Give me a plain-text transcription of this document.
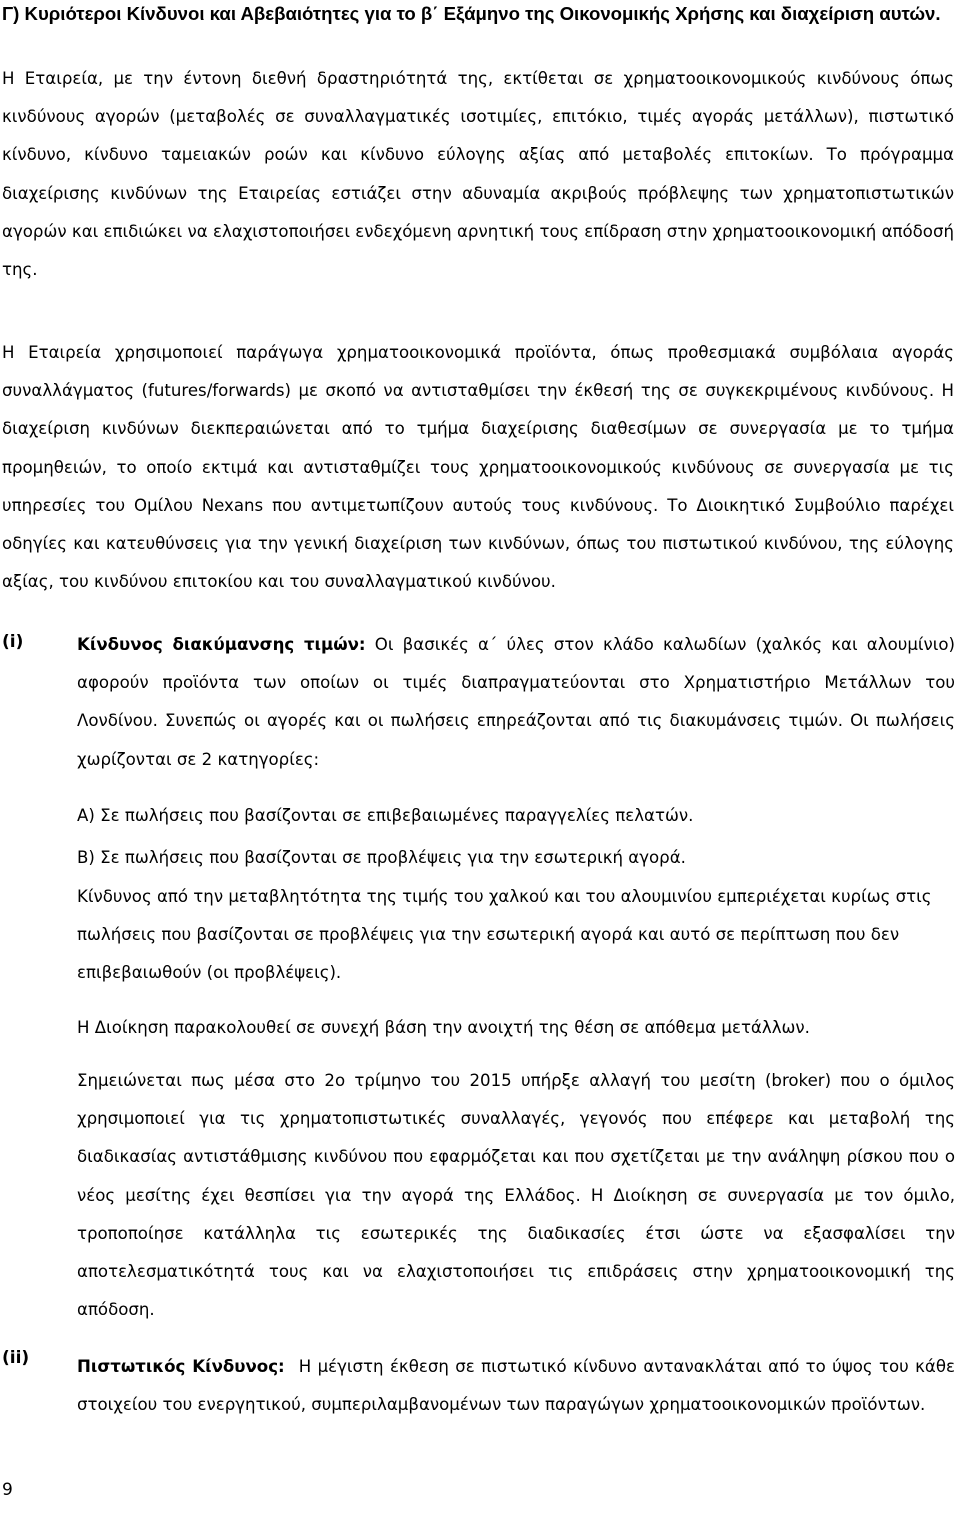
Γ) Κυριότεροι Κίνδυνοι και Αβεβαιότητες για το β΄ Εξάμηνο της Οικονομικής Χρήσης και διαχείριση αυτών.

Η Εταιρεία, με την έντονη διεθνή δραστηριότητά της, εκτίθεται σε χρηματοοικονομικούς κινδύνους όπως κινδύνους αγορών (μεταβολές σε συναλλαγματικές ισοτιμίες, επιτόκιο, τιμές αγοράς μετάλλων), πιστωτικό κίνδυνο, κίνδυνο ταμειακών ροών και κίνδυνο εύλογης αξίας από μεταβολές επιτοκίων. Το πρόγραμμα διαχείρισης κινδύνων της Εταιρείας εστιάζει στην αδυναμία ακριβούς πρόβλεψης των χρηματοπιστωτικών αγορών και επιδιώκει να ελαχιστοποιήσει ενδεχόμενη αρνητική τους επίδραση στην χρηματοοικονομική απόδοσή της.

Η Εταιρεία χρησιμοποιεί παράγωγα χρηματοοικονομικά προϊόντα, όπως προθεσμιακά συμβόλαια αγοράς συναλλάγματος (futures/forwards) με σκοπό να αντισταθμίσει την έκθεσή της σε συγκεκριμένους κινδύνους. Η διαχείριση κινδύνων διεκπεραιώνεται από το τμήμα διαχείρισης διαθεσίμων σε συνεργασία με το τμήμα προμηθειών, το οποίο εκτιμά και αντισταθμίζει τους χρηματοοικονομικούς κινδύνους σε συνεργασία με τις υπηρεσίες του Ομίλου Nexans που αντιμετωπίζουν αυτούς τους κινδύνους. Το Διοικητικό Συμβούλιο παρέχει οδηγίες και κατευθύνσεις για την γενική διαχείριση των κινδύνων, όπως του πιστωτικού κινδύνου, της εύλογης αξίας, του κινδύνου επιτοκίου και του συναλλαγματικού κινδύνου.

(i)	Κίνδυνος διακύμανσης τιμών: Οι βασικές α΄ ύλες στον κλάδο καλωδίων (χαλκός και αλουμίνιο) αφορούν προϊόντα των οποίων οι τιμές διαπραγματεύονται στο Χρηματιστήριο Μετάλλων του Λονδίνου. Συνεπώς οι αγορές και οι πωλήσεις επηρεάζονται από τις διακυμάνσεις τιμών. Οι πωλήσεις χωρίζονται σε 2 κατηγορίες:

Α) Σε πωλήσεις που βασίζονται σε επιβεβαιωμένες παραγγελίες πελατών.

Β) Σε πωλήσεις που βασίζονται σε προβλέψεις για την εσωτερική αγορά.

Κίνδυνος από την μεταβλητότητα της τιμής του χαλκού και του αλουμινίου εμπεριέχεται κυρίως στις πωλήσεις που βασίζονται σε προβλέψεις για την εσωτερική αγορά και αυτό σε περίπτωση που δεν επιβεβαιωθούν (οι προβλέψεις).

Η Διοίκηση παρακολουθεί σε συνεχή βάση την ανοιχτή της θέση σε απόθεμα μετάλλων.

Σημειώνεται πως μέσα στο 2ο τρίμηνο του 2015 υπήρξε αλλαγή του μεσίτη (broker) που ο όμιλος χρησιμοποιεί για τις χρηματοπιστωτικές συναλλαγές, γεγονός που επέφερε και μεταβολή της διαδικασίας αντιστάθμισης κινδύνου που εφαρμόζεται και που σχετίζεται με την ανάληψη ρίσκου που ο νέος μεσίτης έχει θεσπίσει για την αγορά της Ελλάδος. Η Διοίκηση σε συνεργασία με τον όμιλο, τροποποίησε κατάλληλα τις εσωτερικές της διαδικασίες έτσι ώστε να εξασφαλίσει την αποτελεσματικότητά τους και να ελαχιστοποιήσει τις επιδράσεις στην χρηματοοικονομική της απόδοση.

(ii)	Πιστωτικός Κίνδυνος: Η μέγιστη έκθεση σε πιστωτικό κίνδυνο αντανακλάται από το ύψος του κάθε στοιχείου του ενεργητικού, συμπεριλαμβανομένων των παραγώγων χρηματοοικονομικών προϊόντων.

9
